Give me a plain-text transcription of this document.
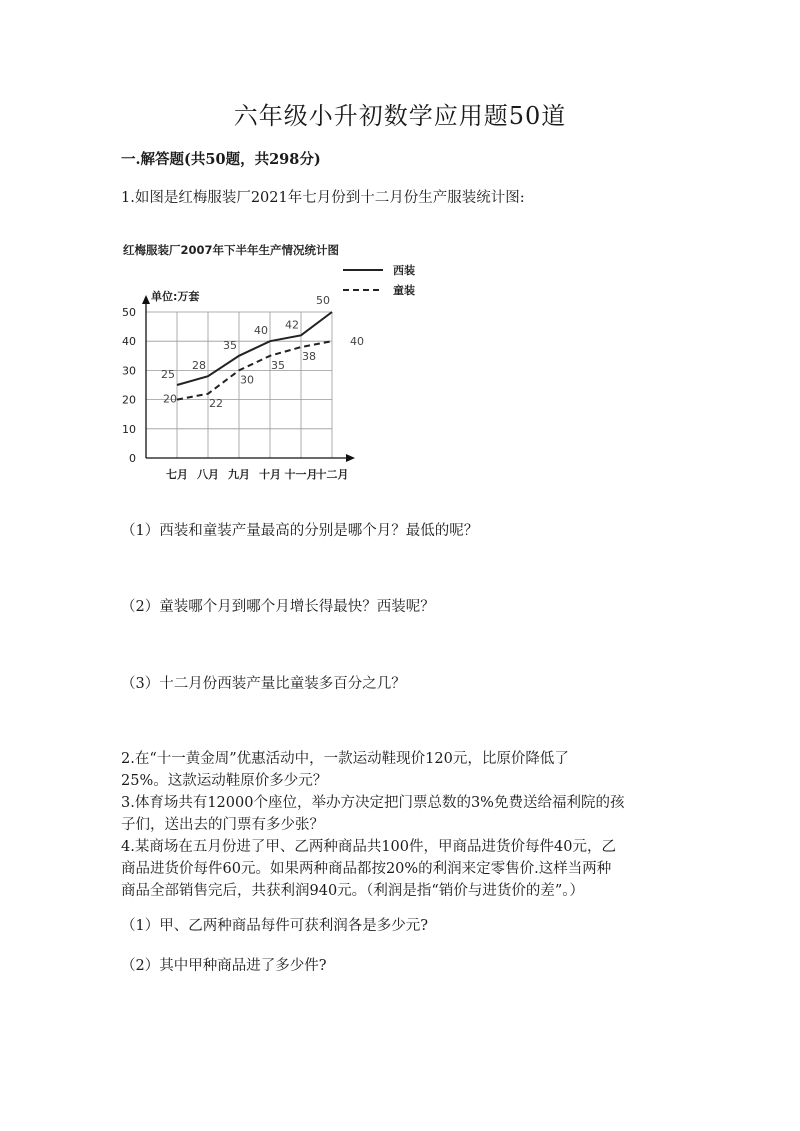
六年级小升初数学应用题50道
一.解答题(共50题，共298分)
1.如图是红梅服装厂2021年七月份到十二月份生产服装统计图:
红梅服装厂2007年下半年生产情况统计图
西装
童装
单位:万套
0
10
20
30
40
50
七月 八月 九月 十月 十一月
十二月
25
28
35
40 42
50
20	22
30
35
38
40
（1）西装和童装产量最高的分别是哪个月？最低的呢？
（2）童装哪个月到哪个月增长得最快？西装呢？
（3）十二月份西装产量比童装多百分之几？
2.在“十一黄金周”优惠活动中，一款运动鞋现价120元，比原价降低了
25%。这款运动鞋原价多少元？
3.体育场共有12000个座位，举办方决定把门票总数的3%免费送给福利院的孩
子们，送出去的门票有多少张？
4.某商场在五月份进了甲、乙两种商品共100件，甲商品进货价每件40元，乙
商品进货价每件60元。如果两种商品都按20%的利润来定零售价.这样当两种
商品全部销售完后，共获利润940元。（利润是指“销价与进货价的差”。）
（1）甲、乙两种商品每件可获利润各是多少元?
（2）其中甲种商品进了多少件?
